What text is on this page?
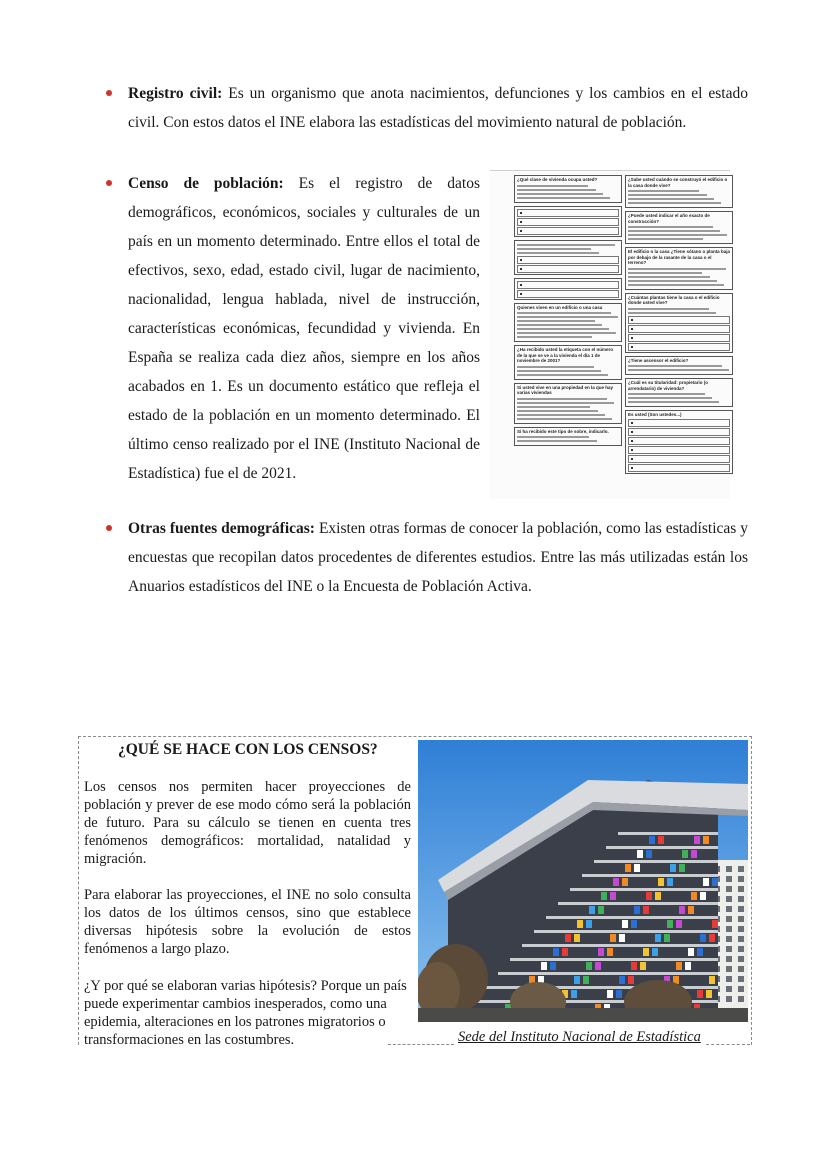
Registro civil: Es un organismo que anota nacimientos, defunciones y los cambios en el estado civil. Con estos datos el INE elabora las estadísticas del movimiento natural de población.

Censo de población: Es el registro de datos demográficos, económicos, sociales y culturales de un país en un momento determinado. Entre ellos el total de efectivos, sexo, edad, estado civil, lugar de nacimiento, nacionalidad, lengua hablada, nivel de instrucción, características económicas, fecundidad y vivienda. En España se realiza cada diez años, siempre en los años acabados en 1. Es un documento estático que refleja el estado de la población en un momento determinado. El último censo realizado por el INE (Instituto Nacional de Estadística) fue el de 2021.

Otras fuentes demográficas: Existen otras formas de conocer la población, como las estadísticas y encuestas que recopilan datos procedentes de diferentes estudios. Entre las más utilizadas están los Anuarios estadísticos del INE o la Encuesta de Población Activa.

¿Qué clase de vivienda ocupa usted?
Quienes viven en un edificio o una casa
¿Ha recibido usted la etiqueta con el número de la que se ve a la vivienda el día 1 de noviembre de 2001?
Si usted vive en una propiedad en la que hay varias viviendas
Si ha recibido este tipo de sobre, indicarlo.
¿Sabe usted cuándo se construyó el edificio o la casa donde vive?
¿Puede usted indicar el año exacto de construcción?
El edificio o la casa ¿Tiene sótano o planta baja por debajo de la rasante de la casa o el terreno?
¿Cuántas plantas tiene la casa o el edificio donde usted vive?
¿Tiene ascensor el edificio?
¿Cuál es su titularidad: propietario (o arrendatario) de vivienda?
Es usted (Son ustedes...)
¿QUÉ SE HACE CON LOS CENSOS?
Los censos nos permiten hacer proyecciones de población y prever de ese modo cómo será la población de futuro. Para su cálculo se tienen en cuenta tres fenómenos demográficos: mortalidad, natalidad y migración.
Para elaborar las proyecciones, el INE no solo consulta los datos de los últimos censos, sino que establece diversas hipótesis sobre la evolución de estos fenómenos a largo plazo.
¿Y por qué se elaboran varias hipótesis? Porque un país puede experimentar cambios inesperados, como una epidemia, alteraciones en los patrones migratorios o transformaciones en las costumbres.	Sede del Instituto Nacional de Estadística
